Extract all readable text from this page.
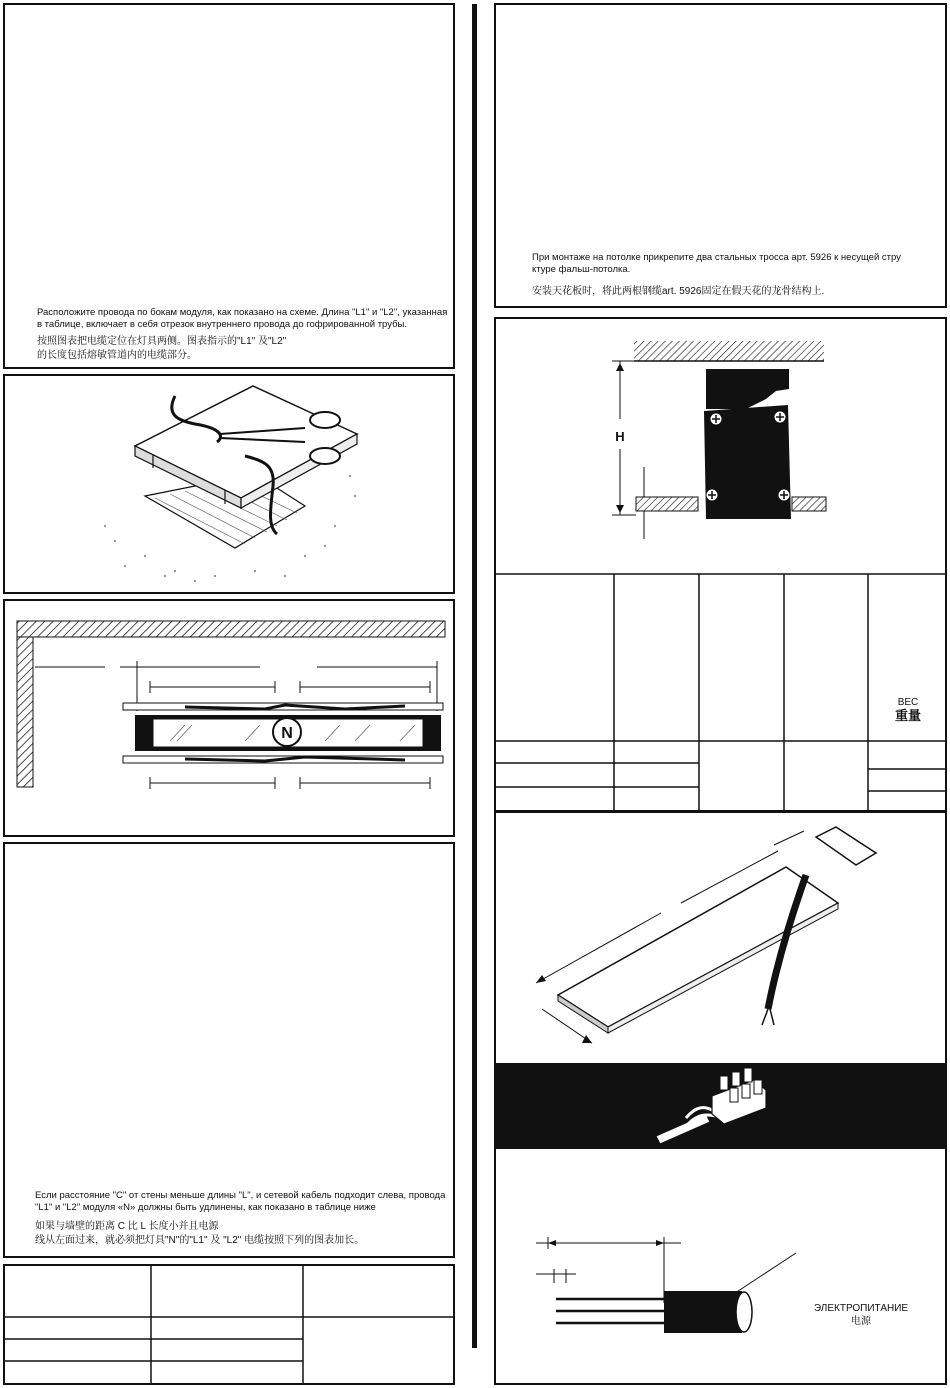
Расположите провода по бокам модуля, как показано на схеме. Длина "L1" и "L2", указанная в таблице, включает в себя отрезок внутреннего провода до гофрированной трубы.
按照图表把电缆定位在灯具两侧。图表指示的"L1" 及"L2"
的长度包括熔敏管道内的电缆部分。
N
Если расстояние "C" от стены меньше длины "L", и сетевой кабель подходит слева, провода "L1" и "L2" модуля «N» должны быть удлинены, как показано в таблице ниже
如果与墙壁的距离 C 比 L 长度小并且电源
线从左面过来，就必须把灯具"N"的"L1" 及 "L2" 电缆按照下列的图表加长。
При монтаже на потолке прикрепите два стальных тросса арт. 5926 к несущей стру
ктуре фальш-потолка.
安装天花板时，将此两根钢缆art. 5926固定在假天花的龙骨结构上.
H
ВЕС
重量
ЭЛЕКТРОПИТАНИЕ
电源
